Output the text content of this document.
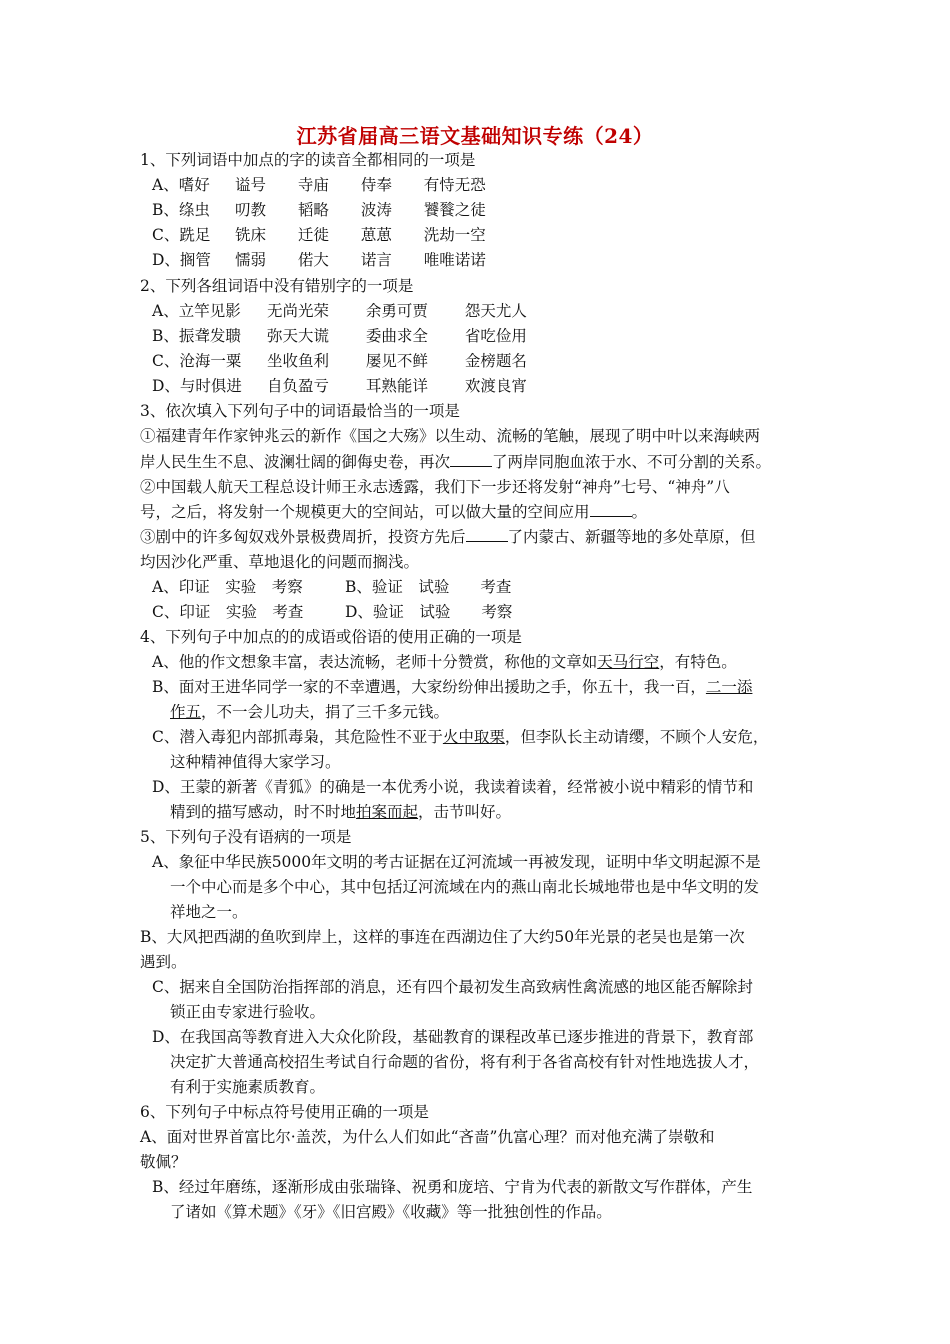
江苏省届高三语文基础知识专练（24）
1、下列词语中加点的字的读音全都相同的一项是
A、嗜好 谥号 寺庙 侍奉 有恃无恐
B、绦虫 叨教 韬略 波涛 饕餮之徒
C、跣足 铣床 迁徙 葸葸 洗劫一空
D、搁管 懦弱 偌大 诺言 唯唯诺诺
2、下列各组词语中没有错别字的一项是
A、立竿见影 无尚光荣 余勇可贾 怨天尤人
B、振聋发聩 弥天大谎 委曲求全 省吃俭用
C、沧海一粟 坐收鱼利 屡见不鲜 金榜题名
D、与时俱进 自负盈亏 耳熟能详 欢渡良宵
3、依次填入下列句子中的词语最恰当的一项是
①福建青年作家钟兆云的新作《国之大殇》以生动、流畅的笔触，展现了明中叶以来海峡两
岸人民生生不息、波澜壮阔的御侮史卷，再次	了两岸同胞血浓于水、不可分割的关系。
②中国载人航天工程总设计师王永志透露，我们下一步还将发射“神舟”七号、“神舟”八
号，之后，将发射一个规模更大的空间站，可以做大量的空间应用	。
③剧中的许多匈奴戏外景极费周折，投资方先后	了内蒙古、新疆等地的多处草原，但
均因沙化严重、草地退化的问题而搁浅。
A、印证　实验　考察	B、验证　试验　　考查
C、印证　实验　考查	D、验证　试验　　考察
4、下列句子中加点的的成语或俗语的使用正确的一项是
A、他的作文想象丰富，表达流畅，老师十分赞赏，称他的文章如天马行空，有特色。
B、面对王进华同学一家的不幸遭遇，大家纷纷伸出援助之手，你五十，我一百，二一添
作五，不一会儿功夫，捐了三千多元钱。
C、潜入毒犯内部抓毒枭，其危险性不亚于火中取栗，但李队长主动请缨，不顾个人安危，
这种精神值得大家学习。
D、王蒙的新著《青狐》的确是一本优秀小说，我读着读着，经常被小说中精彩的情节和
精到的描写感动，时不时地拍案而起，击节叫好。
5、下列句子没有语病的一项是
A、象征中华民族5000年文明的考古证据在辽河流域一再被发现，证明中华文明起源不是
一个中心而是多个中心，其中包括辽河流域在内的燕山南北长城地带也是中华文明的发
祥地之一。
B、大风把西湖的鱼吹到岸上，这样的事连在西湖边住了大约50年光景的老吴也是第一次
遇到。
C、据来自全国防治指挥部的消息，还有四个最初发生高致病性禽流感的地区能否解除封
锁正由专家进行验收。
D、在我国高等教育进入大众化阶段，基础教育的课程改革已逐步推进的背景下，教育部
决定扩大普通高校招生考试自行命题的省份，将有利于各省高校有针对性地选拔人才，
有利于实施素质教育。
6、下列句子中标点符号使用正确的一项是
A、面对世界首富比尔·盖茨，为什么人们如此“吝啬”仇富心理？而对他充满了崇敬和
敬佩？
B、经过年磨练，逐渐形成由张瑞锋、祝勇和庞培、宁肯为代表的新散文写作群体，产生
了诸如《算术题》《牙》《旧宫殿》《收藏》等一批独创性的作品。
